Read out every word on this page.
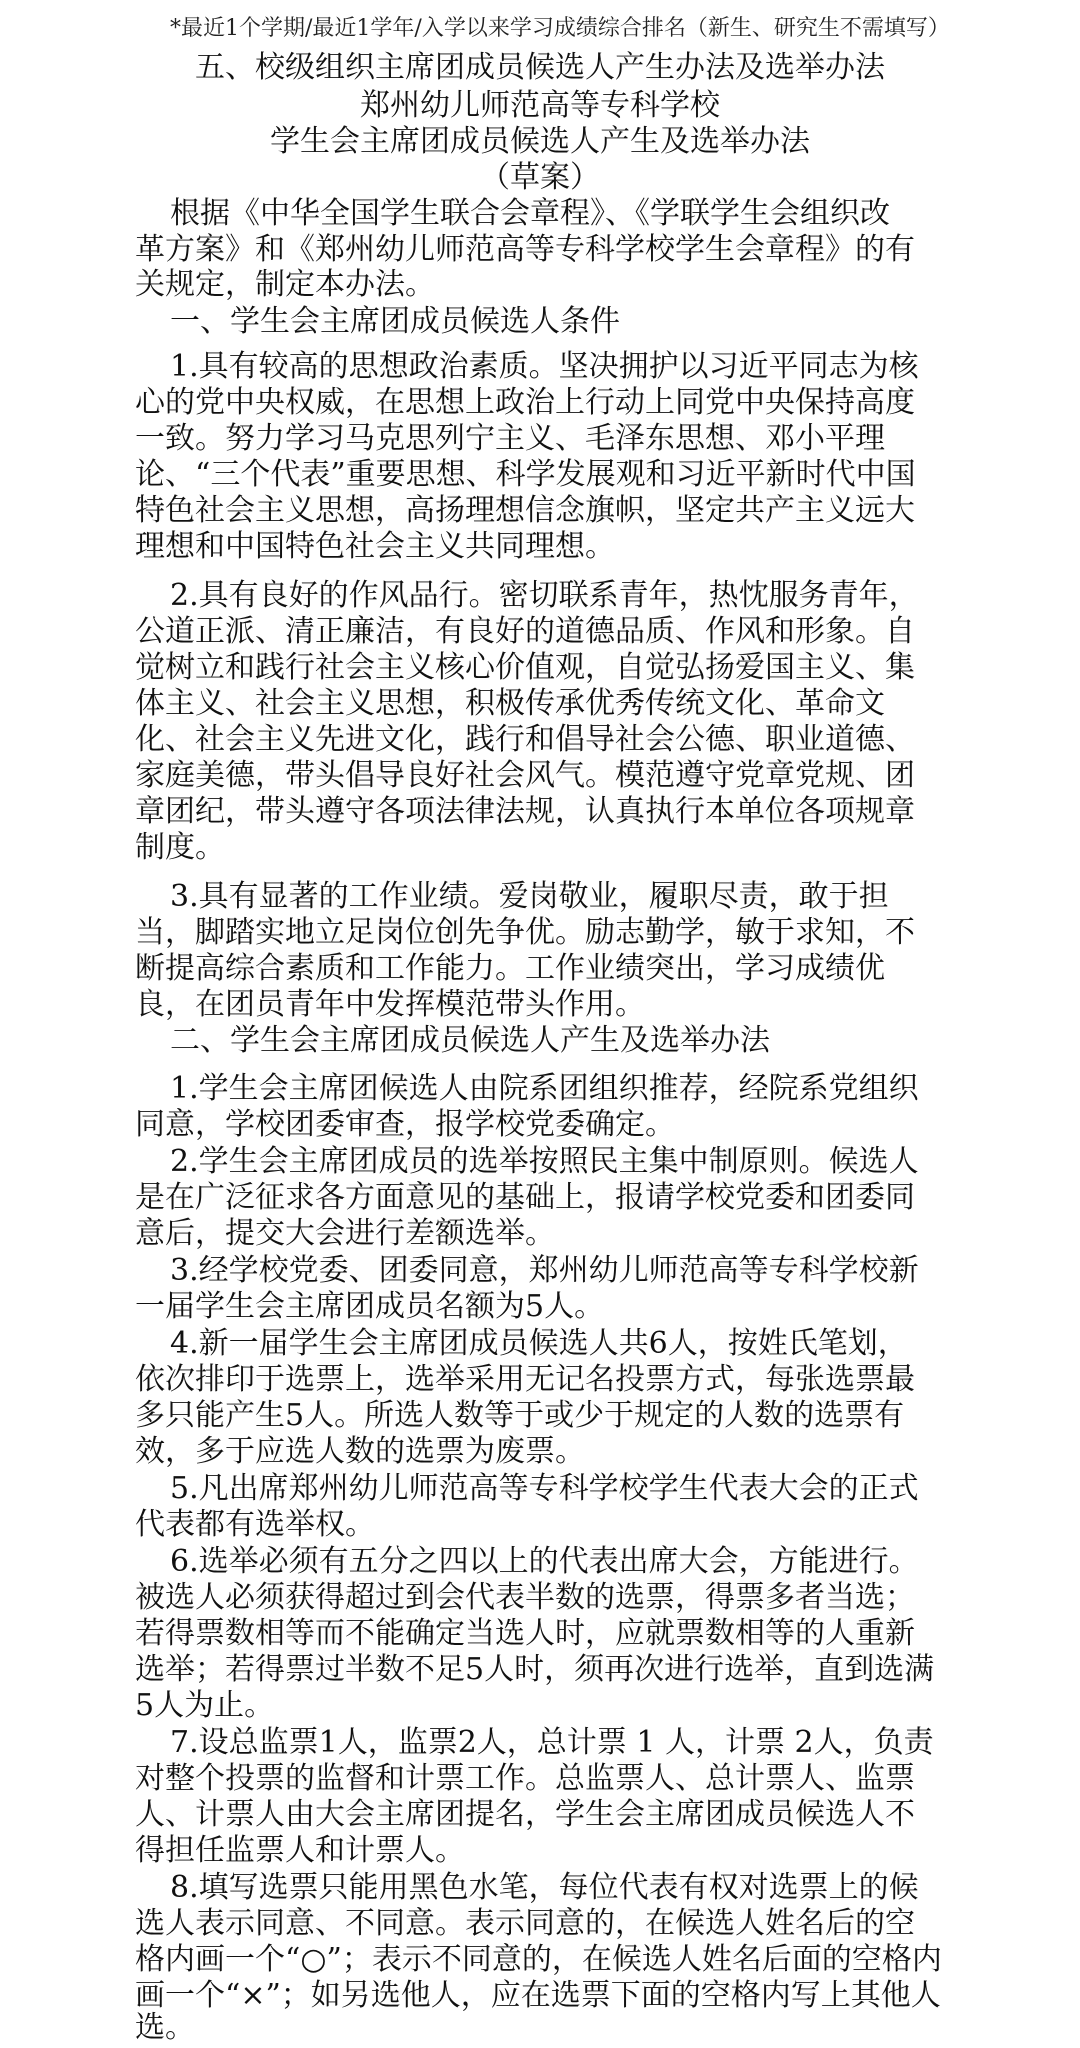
*最近1个学期/最近1学年/入学以来学习成绩综合排名（新生、研究生不需填写）
五、校级组织主席团成员候选人产生办法及选举办法
郑州幼儿师范高等专科学校
学生会主席团成员候选人产生及选举办法
（草案）
根据《中华全国学生联合会章程》、《学联学生会组织改
革方案》和《郑州幼儿师范高等专科学校学生会章程》的有
关规定，制定本办法。
一、学生会主席团成员候选人条件
1.具有较高的思想政治素质。坚决拥护以习近平同志为核
心的党中央权威，在思想上政治上行动上同党中央保持高度
一致。努力学习马克思列宁主义、毛泽东思想、邓小平理
论、“三个代表”重要思想、科学发展观和习近平新时代中国
特色社会主义思想，高扬理想信念旗帜，坚定共产主义远大
理想和中国特色社会主义共同理想。
2.具有良好的作风品行。密切联系青年，热忱服务青年，
公道正派、清正廉洁，有良好的道德品质、作风和形象。自
觉树立和践行社会主义核心价值观，自觉弘扬爱国主义、集
体主义、社会主义思想，积极传承优秀传统文化、革命文
化、社会主义先进文化，践行和倡导社会公德、职业道德、
家庭美德，带头倡导良好社会风气。模范遵守党章党规、团
章团纪，带头遵守各项法律法规，认真执行本单位各项规章
制度。
3.具有显著的工作业绩。爱岗敬业，履职尽责，敢于担
当，脚踏实地立足岗位创先争优。励志勤学，敏于求知，不
断提高综合素质和工作能力。工作业绩突出，学习成绩优
良，在团员青年中发挥模范带头作用。
二、学生会主席团成员候选人产生及选举办法
1.学生会主席团候选人由院系团组织推荐，经院系党组织
同意，学校团委审查，报学校党委确定。
2.学生会主席团成员的选举按照民主集中制原则。候选人
是在广泛征求各方面意见的基础上，报请学校党委和团委同
意后，提交大会进行差额选举。
3.经学校党委、团委同意，郑州幼儿师范高等专科学校新
一届学生会主席团成员名额为5人。
4.新一届学生会主席团成员候选人共6人，按姓氏笔划，
依次排印于选票上，选举采用无记名投票方式，每张选票最
多只能产生5人。所选人数等于或少于规定的人数的选票有
效，多于应选人数的选票为废票。
5.凡出席郑州幼儿师范高等专科学校学生代表大会的正式
代表都有选举权。
6.选举必须有五分之四以上的代表出席大会，方能进行。
被选人必须获得超过到会代表半数的选票，得票多者当选；
若得票数相等而不能确定当选人时，应就票数相等的人重新
选举；若得票过半数不足5人时，须再次进行选举，直到选满
5人为止。
7.设总监票1人，监票2人，总计票 1 人，计票 2人，负责
对整个投票的监督和计票工作。总监票人、总计票人、监票
人、计票人由大会主席团提名，学生会主席团成员候选人不
得担任监票人和计票人。
8.填写选票只能用黑色水笔，每位代表有权对选票上的候
选人表示同意、不同意。表示同意的，在候选人姓名后的空
格内画一个“○”；表示不同意的，在候选人姓名后面的空格内
画一个“×”；如另选他人，应在选票下面的空格内写上其他人
选。
